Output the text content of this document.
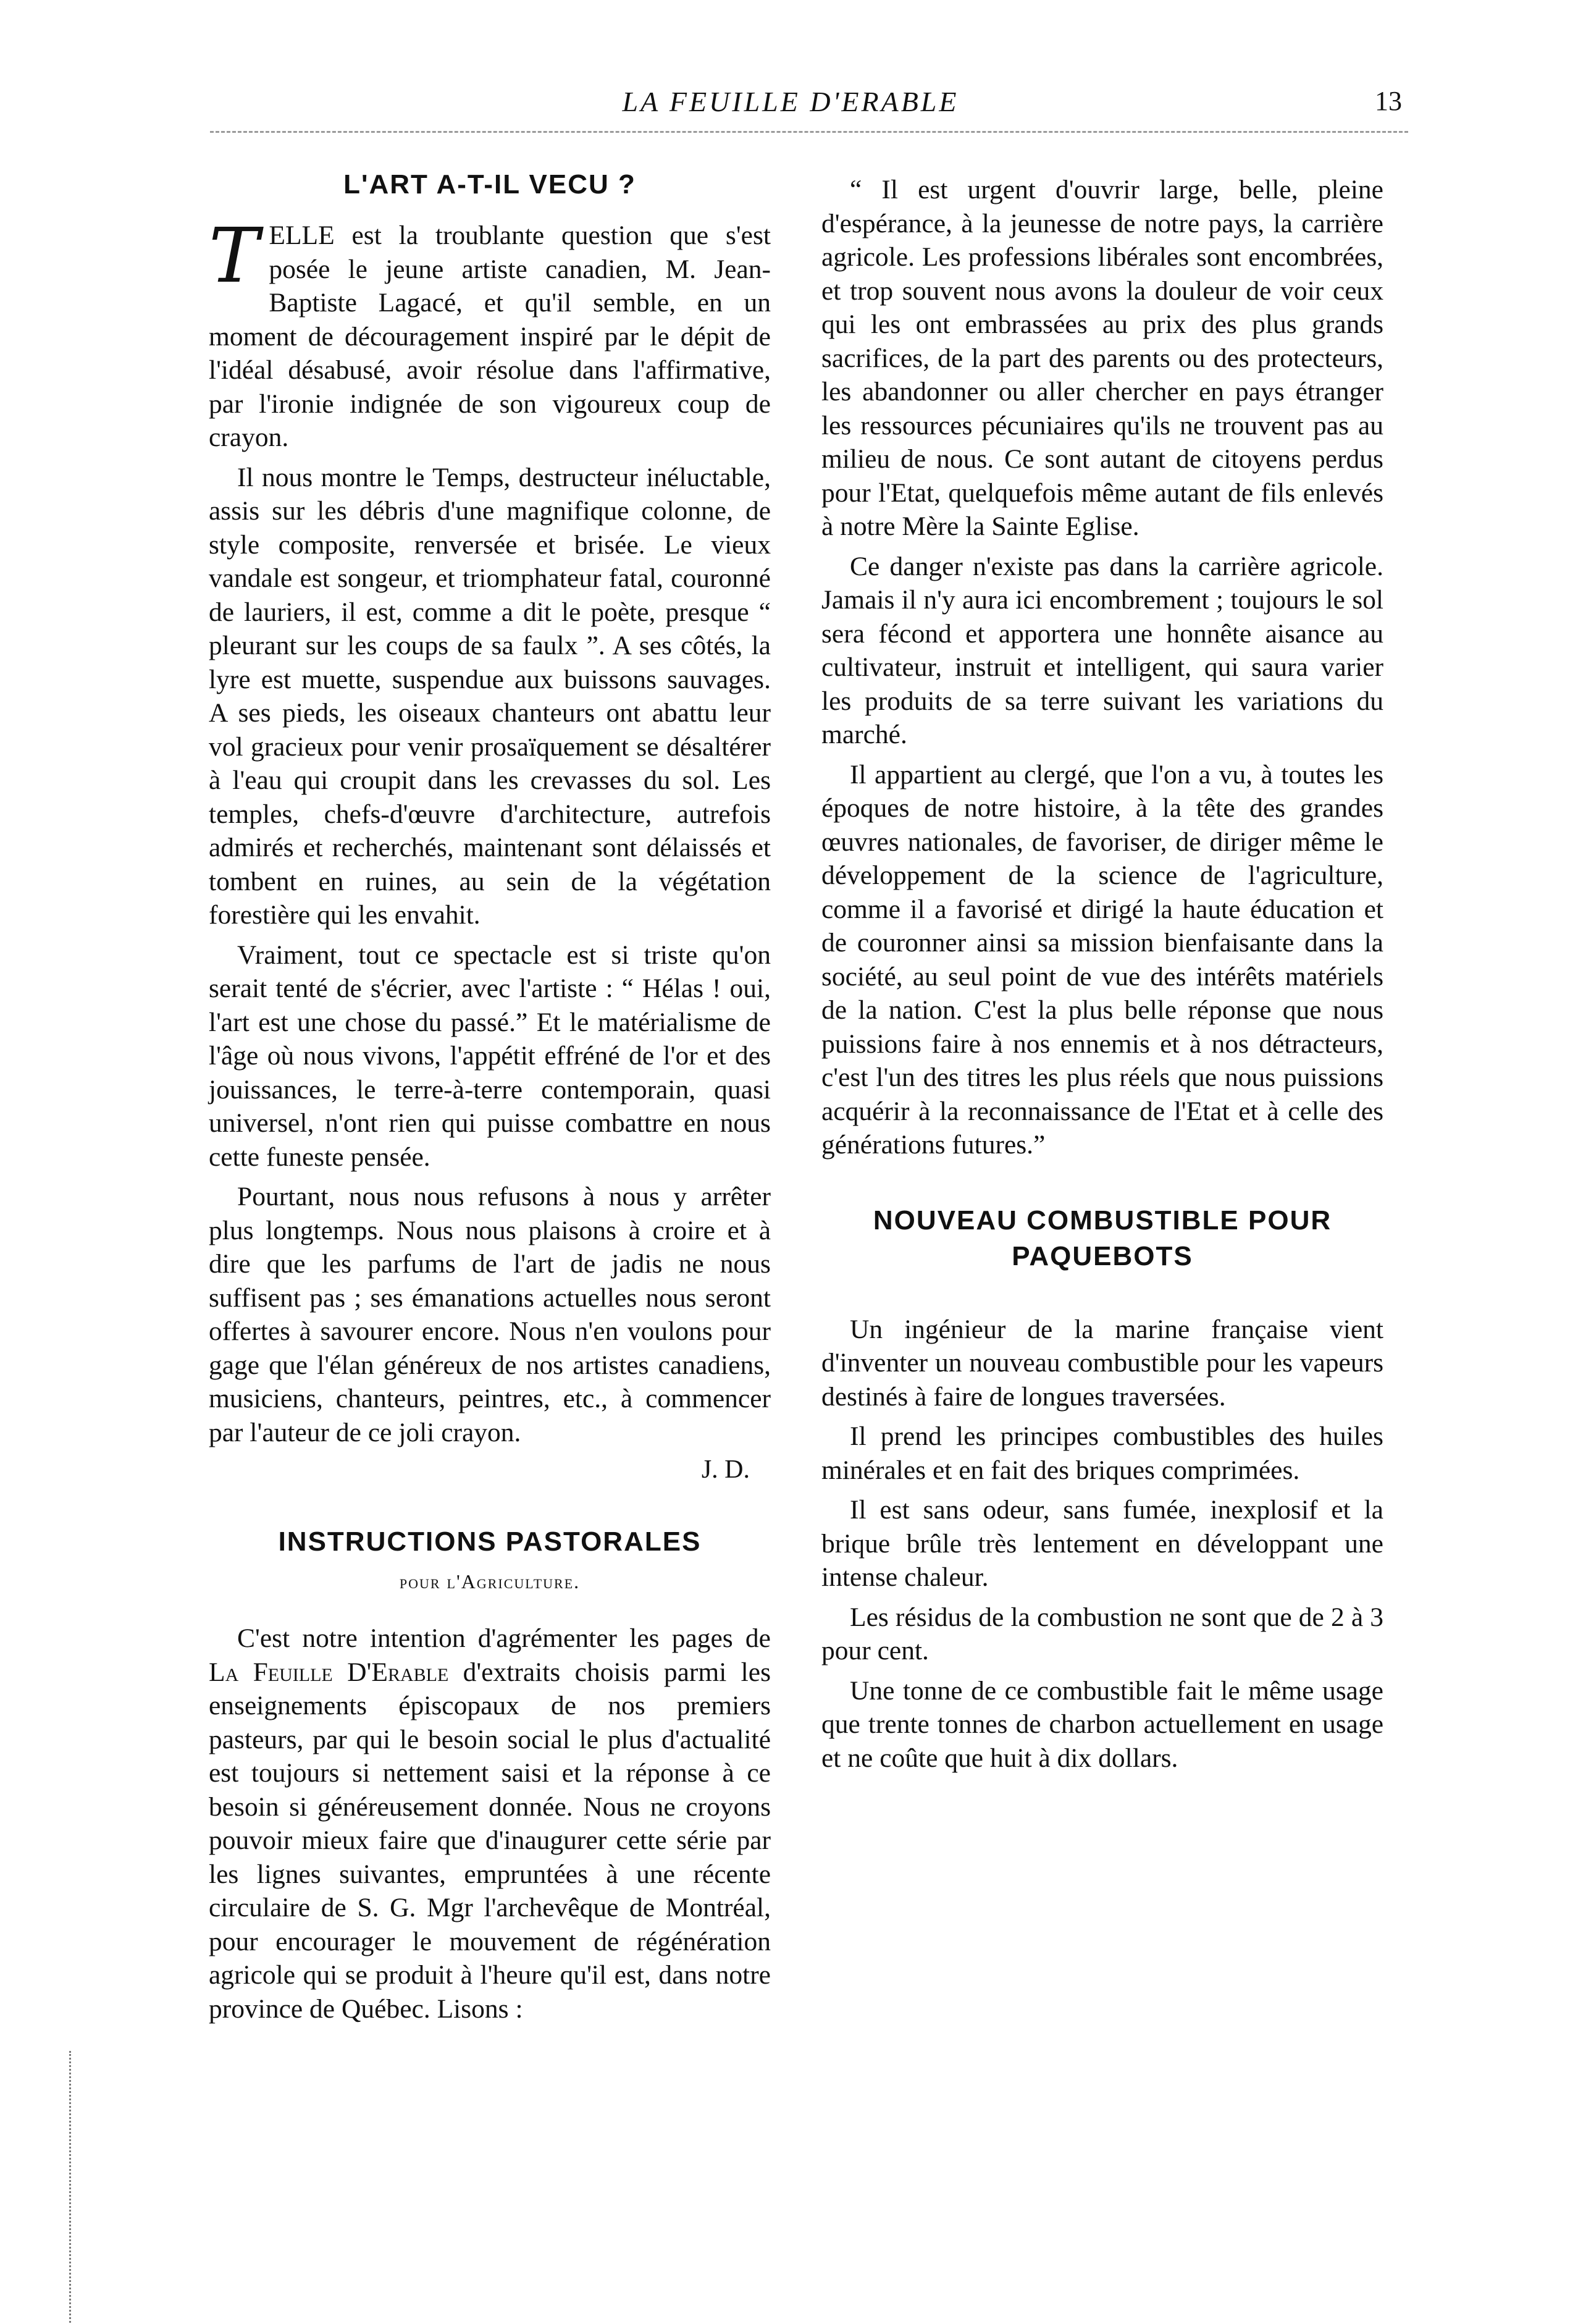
LA FEUILLE D'ERABLE	13
L'ART A-T-IL VECU ?

TELLE est la troublante question que s'est posée le jeune artiste canadien, M. Jean-Baptiste Lagacé, et qu'il semble, en un moment de découragement inspiré par le dépit de l'idéal désabusé, avoir résolue dans l'affirmative, par l'ironie indignée de son vigoureux coup de crayon.

Il nous montre le Temps, destructeur inéluctable, assis sur les débris d'une magnifique colonne, de style composite, renversée et brisée. Le vieux vandale est songeur, et triomphateur fatal, couronné de lauriers, il est, comme a dit le poète, presque “ pleurant sur les coups de sa faulx ”. A ses côtés, la lyre est muette, suspendue aux buissons sauvages. A ses pieds, les oiseaux chanteurs ont abattu leur vol gracieux pour venir prosaïquement se désaltérer à l'eau qui croupit dans les crevasses du sol. Les temples, chefs-d'œuvre d'architecture, autrefois admirés et recherchés, maintenant sont délaissés et tombent en ruines, au sein de la végétation forestière qui les envahit.

Vraiment, tout ce spectacle est si triste qu'on serait tenté de s'écrier, avec l'artiste : “ Hélas ! oui, l'art est une chose du passé.” Et le matérialisme de l'âge où nous vivons, l'appétit effréné de l'or et des jouissances, le terre-à-terre contemporain, quasi universel, n'ont rien qui puisse combattre en nous cette funeste pensée.

Pourtant, nous nous refusons à nous y arrêter plus longtemps. Nous nous plaisons à croire et à dire que les parfums de l'art de jadis ne nous suffisent pas ; ses émanations actuelles nous seront offertes à savourer encore. Nous n'en voulons pour gage que l'élan généreux de nos artistes canadiens, musiciens, chanteurs, peintres, etc., à commencer par l'auteur de ce joli crayon.

J. D.
INSTRUCTIONS PASTORALES
pour l'Agriculture.

C'est notre intention d'agrémenter les pages de La Feuille D'Erable d'extraits choisis parmi les enseignements épiscopaux de nos premiers pasteurs, par qui le besoin social le plus d'actualité est toujours si nettement saisi et la réponse à ce besoin si généreusement donnée. Nous ne croyons pouvoir mieux faire que d'inaugurer cette série par les lignes suivantes, empruntées à une récente circulaire de S. G. Mgr l'archevêque de Montréal, pour encourager le mouvement de régénération agricole qui se produit à l'heure qu'il est, dans notre province de Québec. Lisons :

“ Il est urgent d'ouvrir large, belle, pleine d'espérance, à la jeunesse de notre pays, la carrière agricole. Les professions libérales sont encombrées, et trop souvent nous avons la douleur de voir ceux qui les ont embrassées au prix des plus grands sacrifices, de la part des parents ou des protecteurs, les abandonner ou aller chercher en pays étranger les ressources pécuniaires qu'ils ne trouvent pas au milieu de nous. Ce sont autant de citoyens perdus pour l'Etat, quelquefois même autant de fils enlevés à notre Mère la Sainte Eglise.

Ce danger n'existe pas dans la carrière agricole. Jamais il n'y aura ici encombrement ; toujours le sol sera fécond et apportera une honnête aisance au cultivateur, instruit et intelligent, qui saura varier les produits de sa terre suivant les variations du marché.

Il appartient au clergé, que l'on a vu, à toutes les époques de notre histoire, à la tête des grandes œuvres nationales, de favoriser, de diriger même le développement de la science de l'agriculture, comme il a favorisé et dirigé la haute éducation et de couronner ainsi sa mission bienfaisante dans la société, au seul point de vue des intérêts matériels de la nation. C'est la plus belle réponse que nous puissions faire à nos ennemis et à nos détracteurs, c'est l'un des titres les plus réels que nous puissions acquérir à la reconnaissance de l'Etat et à celle des générations futures.”

NOUVEAU COMBUSTIBLE POUR
PAQUEBOTS

Un ingénieur de la marine française vient d'inventer un nouveau combustible pour les vapeurs destinés à faire de longues traversées.

Il prend les principes combustibles des huiles minérales et en fait des briques comprimées.

Il est sans odeur, sans fumée, inexplosif et la brique brûle très lentement en développant une intense chaleur.

Les résidus de la combustion ne sont que de 2 à 3 pour cent.

Une tonne de ce combustible fait le même usage que trente tonnes de charbon actuellement en usage et ne coûte que huit à dix dollars.
